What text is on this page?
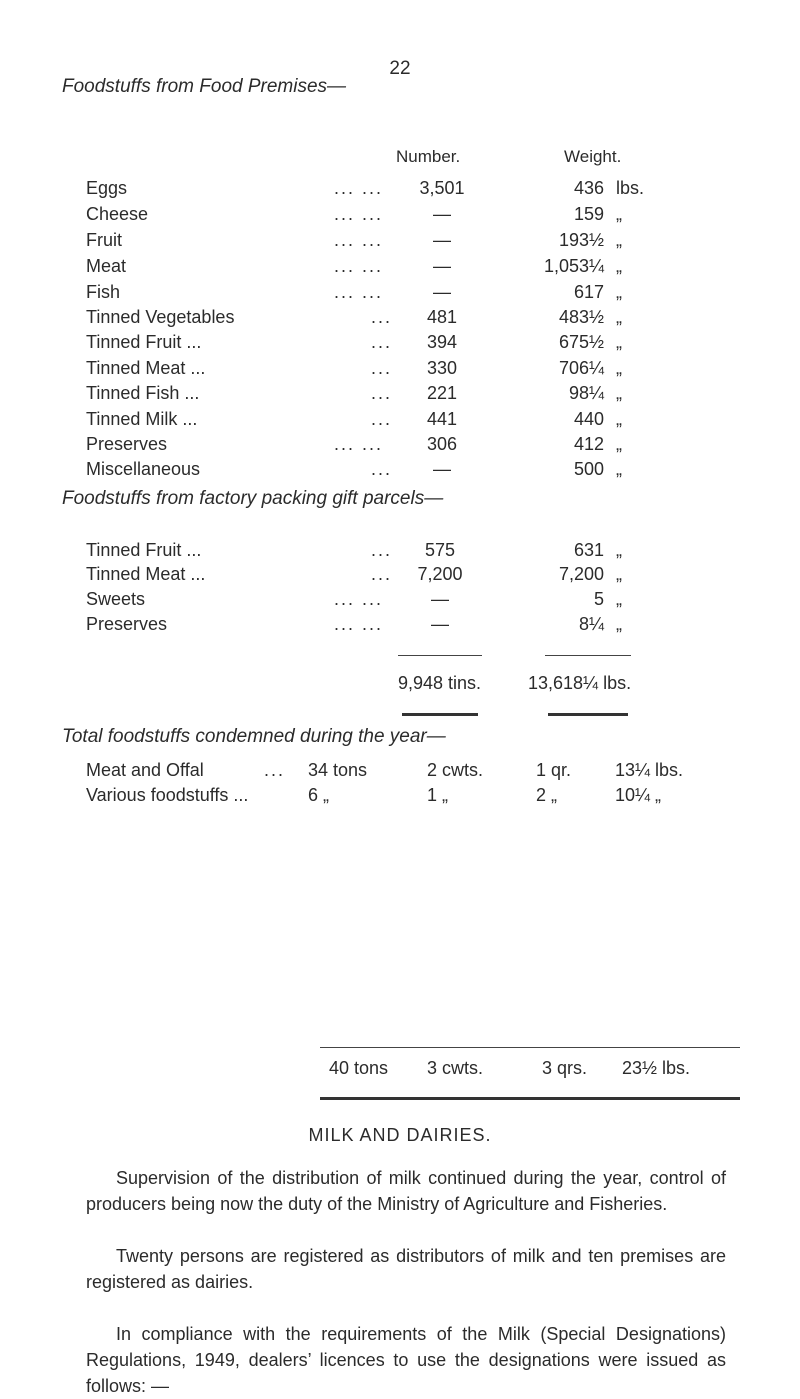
22
Foodstuffs from Food Premises—
Number.	Weight.
Eggs	... ...	3,501	436 lbs.
Cheese	... ...	—	159 „
Fruit	... ...	—	193½ „
Meat	... ...	—	1,053¼ „
Fish	... ...	—	617 „
Tinned Vegetables	...	481	483½ „
Tinned Fruit ...	...	394	675½ „
Tinned Meat ...	...	330	706¼ „
Tinned Fish ...	...	221	98¼ „
Tinned Milk ...	...	441	440 „
Preserves	... ...	306	412 „
Miscellaneous	...	—	500 „
Foodstuffs from factory packing gift parcels—
Tinned Fruit ...	...	575	631 „
Tinned Meat ...	...	7,200	7,200 „
Sweets	... ...	—	5 „
Preserves	... ...	—	8¼ „
9,948 tins.	13,618¼ lbs.
Total foodstuffs condemned during the year—
Meat and Offal	... 34 tons	2 cwts.	1 qr. 13¼ lbs.
Various foodstuffs ...	6 „	1 „	2 „	10¼ „
40 tons 3 cwts.	3 qrs. 23½ lbs.
MILK AND DAIRIES.
Supervision of the distribution of milk continued during the year, control of producers being now the duty of the Ministry of Agriculture and Fisheries.
Twenty persons are registered as distributors of milk and ten premises are registered as dairies.
In compliance with the requirements of the Milk (Special Designations) Regulations, 1949, dealers’ licences to use the designations were issued as follows: —
